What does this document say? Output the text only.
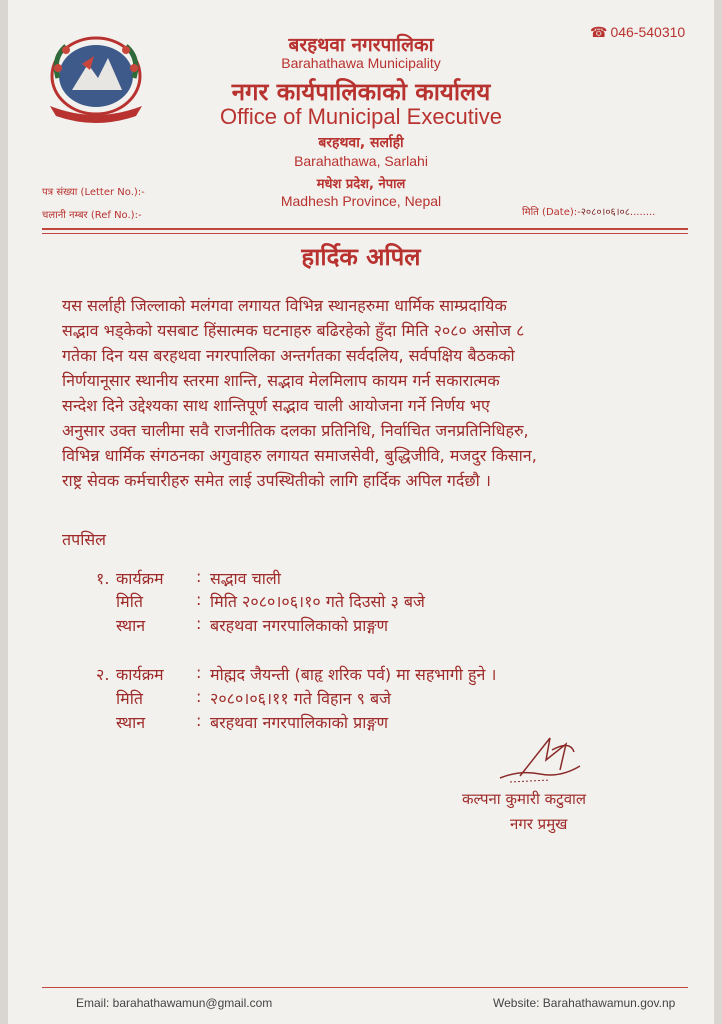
☎ 046-540310
बरहथवा नगरपालिका
Barahathawa Municipality
नगर कार्यपालिकाको कार्यालय
Office of Municipal Executive
बरहथवा, सर्लाही
Barahathawa, Sarlahi
मधेश प्रदेश, नेपाल
Madhesh Province, Nepal
पत्र संख्या (Letter No.):-
चलानी नम्बर (Ref No.):-	मिति (Date):-२०८०।०६।०८........
हार्दिक अपिल
यस सर्लाही जिल्लाको मलंगवा लगायत विभिन्न स्थानहरुमा धार्मिक साम्प्रदायिक
सद्भाव भड्केको यसबाट हिंसात्मक घटनाहरु बढिरहेको हुँदा मिति २०८० असोज ८
गतेका दिन यस बरहथवा नगरपालिका अन्तर्गतका सर्वदलिय, सर्वपक्षिय बैठकको
निर्णयानूसार स्थानीय स्तरमा शान्ति, सद्भाव मेलमिलाप कायम गर्न सकारात्मक
सन्देश दिने उद्देश्यका साथ शान्तिपूर्ण सद्भाव चाली आयोजना गर्ने निर्णय भए
अनुसार उक्त चालीमा सवै राजनीतिक दलका प्रतिनिधि, निर्वाचित जनप्रतिनिधिहरु,
विभिन्न धार्मिक संगठनका अगुवाहरु लगायत समाजसेवी, बुद्धिजीवि, मजदुर किसान,
राष्ट्र सेवक कर्मचारीहरु समेत लाई उपस्थितीको लागि हार्दिक अपिल गर्दछौ ।
तपसिल
१. कार्यक्रम : सद्भाव चाली
मिति	: मिति २०८०।०६।१० गते दिउसो ३ बजे
स्थान	: बरहथवा नगरपालिकाको प्राङ्गण
२. कार्यक्रम : मोह्मद जैयन्ती (बाहृ शरिक पर्व) मा सहभागी हुने ।
मिति	: २०८०।०६।११ गते विहान ९ बजे
स्थान	: बरहथवा नगरपालिकाको प्राङ्गण
कल्पना कुमारी कटुवाल
नगर प्रमुख
Email: barahathawamun@gmail.com	Website: Barahathawamun.gov.np
